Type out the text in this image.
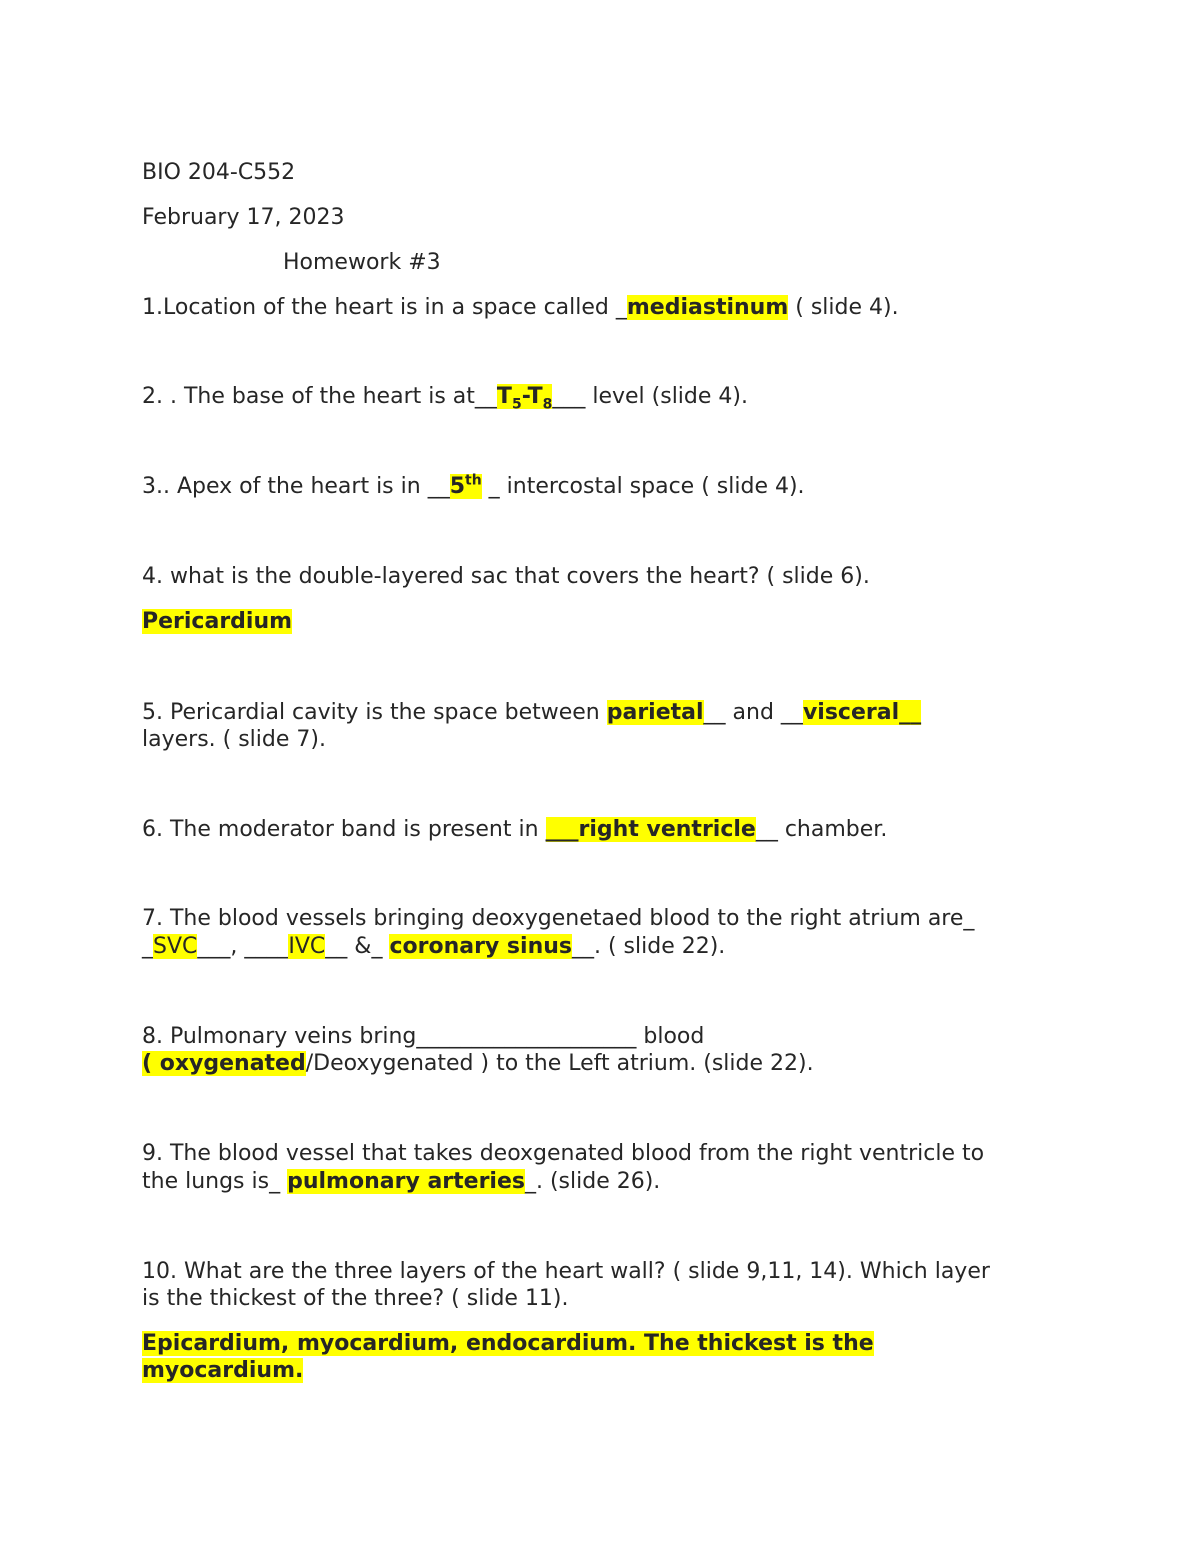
BIO 204-C552
February 17, 2023
Homework #3
1.Location of the heart is in a space called _mediastinum ( slide 4).
2. . The base of the heart is $at\_\_T_5-T_8\_\_\_$ level (slide 4).
3.. Apex of the heart is in __5th _ intercostal space ( slide 4).
4. what is the double-layered sac that covers the heart? ( slide 6).
Pericardium
5. Pericardial cavity is the space between parietal__ and __visceral__
layers. ( slide 7).
6. The moderator band is present in ___right ventricle__ chamber.
7. The blood vessels bringing deoxygenetaed blood to the right atrium are_
_SVC___, ____IVC__ &_ coronary sinus__. ( slide 22).
8. Pulmonary veins bring____________________ blood
( oxygenated/Deoxygenated ) to the Left atrium. (slide 22).
9. The blood vessel that takes deoxgenated blood from the right ventricle to
the lungs is_ pulmonary arteries_. (slide 26).
10. What are the three layers of the heart wall? ( slide 9,11, 14). Which layer
is the thickest of the three? ( slide 11).
Epicardium, myocardium, endocardium. The thickest is the
myocardium.
